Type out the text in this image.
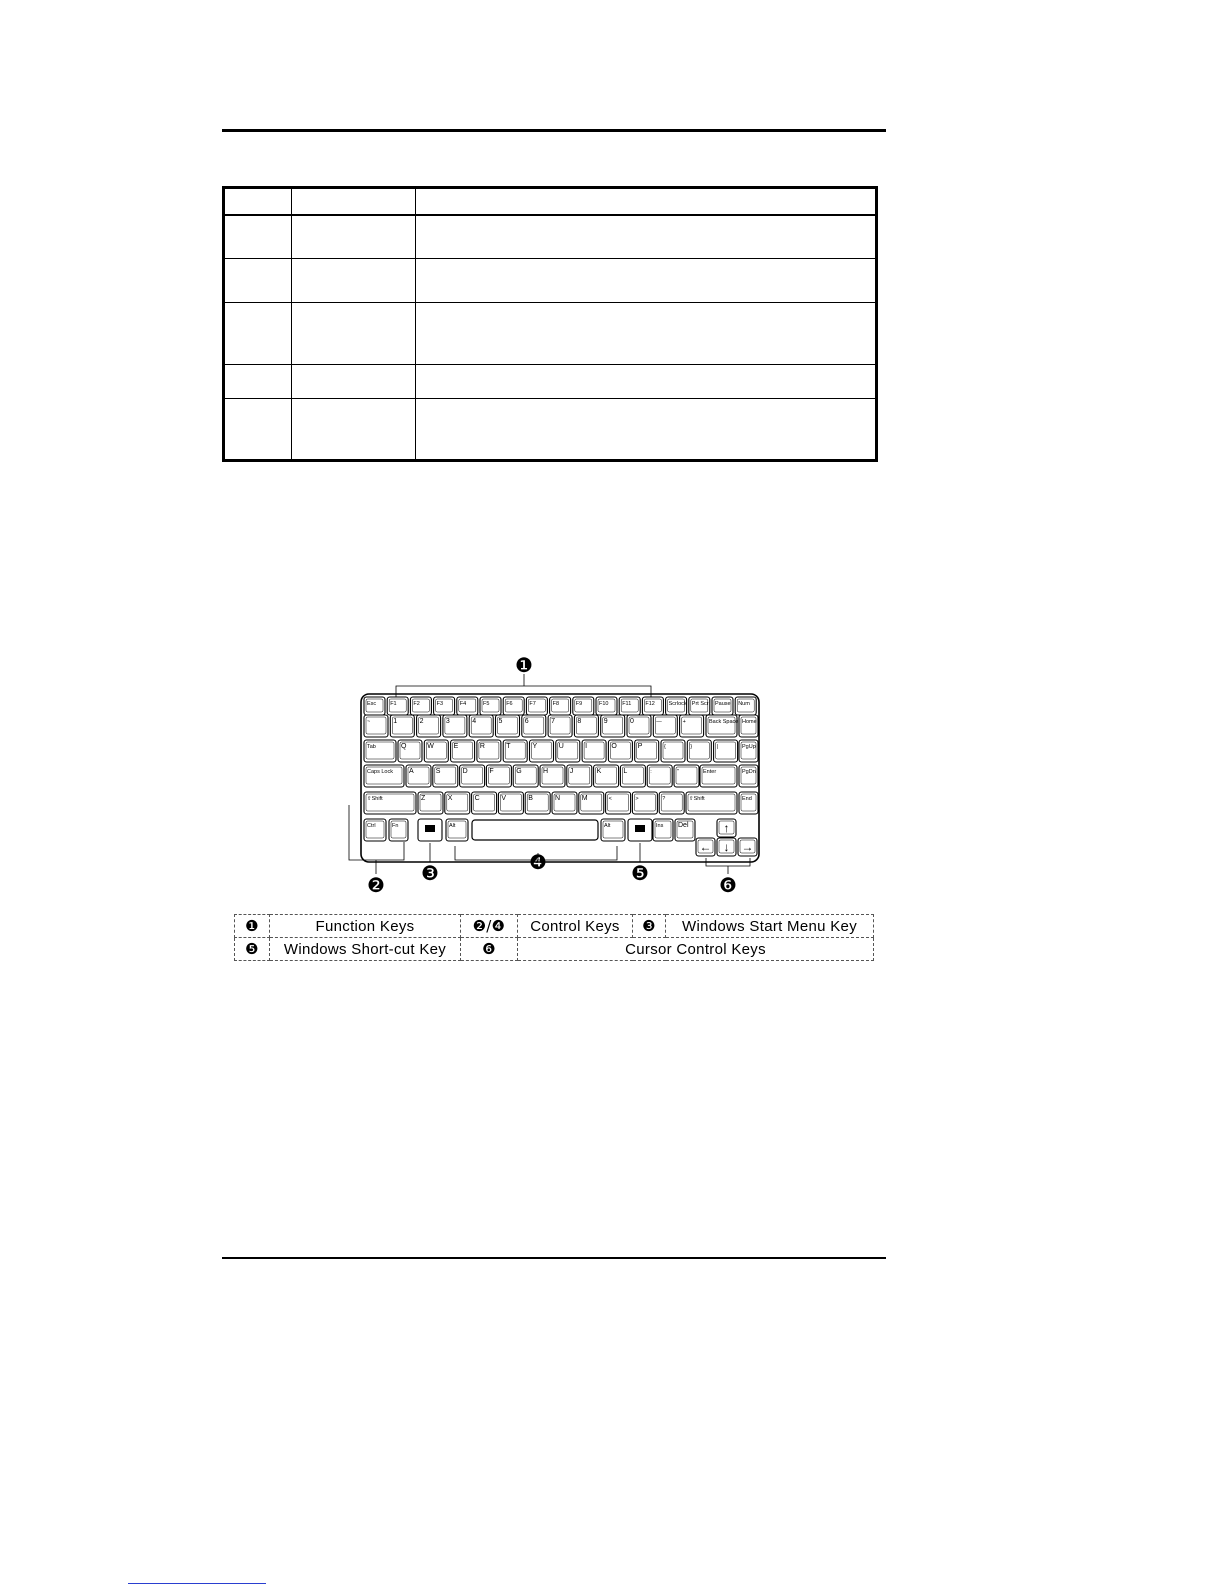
Esc	F1	F2	F3	F4	F5	F6	F7	F8	F9	F10 F11	F12 Scrlock Prt Scr Pause Num
~	1	2	3	4	5	6	7	8	9	0	—	+	Back Space Home
Tab	Q	W	E	R	T	Y	U	I	O	P	{	}	|	PgUp
Caps Lock A	S	D	F	G	H	J	K	L	:	"	Enter	PgDn
⇧Shift	Z	X	C	V	B	N	M	<	>	?	⇧Shift	End
Ctrl	Fn	Alt	Alt	Ins Del	↑
← ↓ →
❶
❷
❸	❹	❺
❻
❶	Function Keys	❷/❹	Control Keys	❸	Windows Start Menu Key
❺	Windows Short-cut Key	❻	Cursor Control Keys		
